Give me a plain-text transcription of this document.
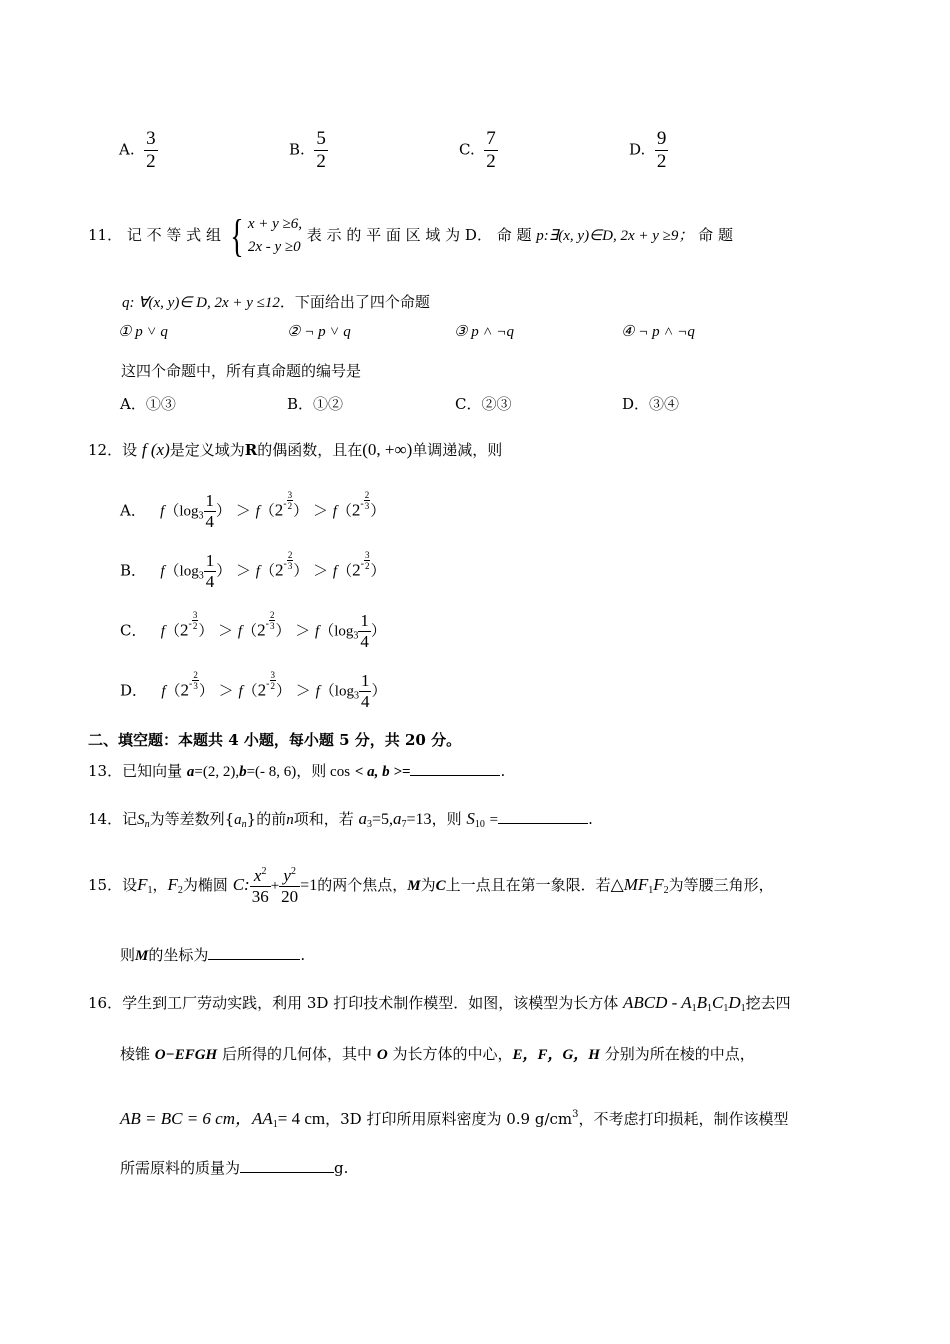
A. $\frac{3}{2}$	B. $\frac{5}{2}$	C. $\frac{7}{2}$	D. $\frac{9}{2}$
11． 记 不 等 式 组 { x + y ≥6,
2x - y ≥0
表 示 的 平 面 区 域 为 D． 命 题 p:∃(x, y)∈D, 2x + y ≥9； 命 题
q: ∀(x, y)∈ D, 2x + y ≤12．下面给出了四个命题
① p ˅ q	② ¬ p ˅ q	③ p ˄ ¬q	④ ¬ p ˄ ¬q
这四个命题中，所有真命题的编号是
A．①③	B．①②	C．②③	D．③④
12．设 f (x)是定义域为R的偶函数，且在(0, +∞)单调递减，则
A． $f(\log_3 \frac{1}{4}$ ） ＞ $f(2^- \frac{3}{2}$ ） ＞ $f(2^- \frac{2}{3}$ ）
B． $f(\log_3 \frac{1}{4}$ ） ＞ $f(2^- \frac{2}{3}$ ） ＞ $f(2^- \frac{3}{2}$ ）
C． $f(2^- \frac{3}{2}$ ） ＞ $f(2^- \frac{2}{3}$ ） ＞ $f(\log_3 \frac{1}{4}$ ）
D． $f(2^- \frac{2}{3}$ ） ＞ $f(2^- \frac{3}{2}$ ） ＞ $f(\log_3 \frac{1}{4}$ ）
二、填空题：本题共 4 小题，每小题 5 分，共 20 分。
13．已知向量 a=(2, 2),b=(- 8, 6)，则 cos < a, b >=	.
14．记$S_n$为等差数列$\{a_n\}$的前n项和，若 $a_3=5,a_7=13$，则 $S_{10}$ =	.
15．设$F_1$，$F_2$为椭圆 C: $\frac{x^2}{36} + \frac{y^2}{20} =1$的两个焦点，M为C上一点且在第一象限．若$\triangle MF_1F_2$为等腰三角形，
则M的坐标为	.
16．学生到工厂劳动实践，利用 3D 打印技术制作模型．如图，该模型为长方体 ABCD - $A_1B_1C_1D_1$挖去四
棱锥 O−EFGH 后所得的几何体，其中 O 为长方体的中心，E，F，G，H 分别为所在棱的中点，
AB = BC = 6 cm，$AA_1= 4$ cm，3D 打印所用原料密度为 0.9 $g/cm^3$，不考虑打印损耗，制作该模型
所需原料的质量为	g.
